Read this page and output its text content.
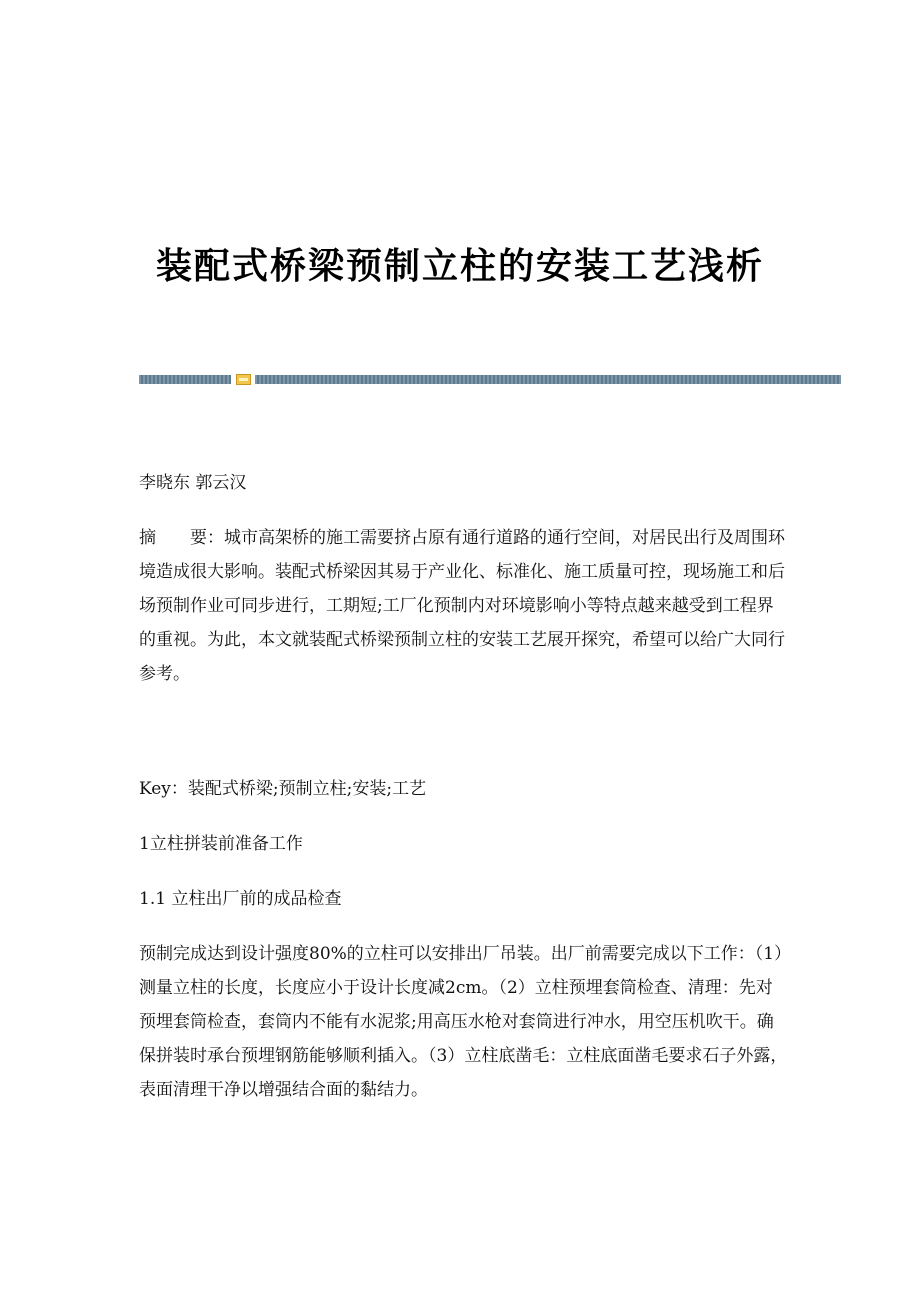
装配式桥梁预制立柱的安装工艺浅析

李晓东 郭云汉

摘 要：城市高架桥的施工需要挤占原有通行道路的通行空间，对居民出行及周围环境造成很大影响。装配式桥梁因其易于产业化、标准化、施工质量可控，现场施工和后场预制作业可同步进行，工期短;工厂化预制内对环境影响小等特点越来越受到工程界的重视。为此，本文就装配式桥梁预制立柱的安装工艺展开探究，希望可以给广大同行参考。

Key：装配式桥梁;预制立柱;安装;工艺

1立柱拼装前准备工作

1.1 立柱出厂前的成品检查

预制完成达到设计强度80%的立柱可以安排出厂吊装。出厂前需要完成以下工作：（1）测量立柱的长度，长度应小于设计长度减2cm。（2）立柱预埋套筒检查、清理：先对预埋套筒检查，套筒内不能有水泥浆;用高压水枪对套筒进行冲水，用空压机吹干。确保拼装时承台预埋钢筋能够顺利插入。（3）立柱底凿毛：立柱底面凿毛要求石子外露，表面清理干净以增强结合面的黏结力。
